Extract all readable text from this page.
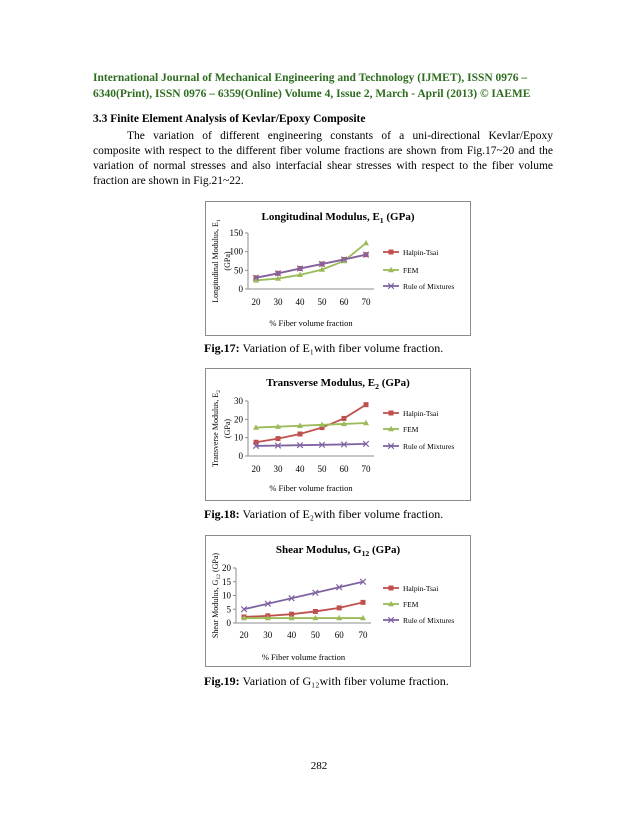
International Journal of Mechanical Engineering and Technology (IJMET), ISSN 0976 –
6340(Print), ISSN 0976 – 6359(Online) Volume 4, Issue 2, March - April (2013) © IAEME
3.3 Finite Element Analysis of Kevlar/Epoxy Composite
The variation of different engineering constants of a uni-directional Kevlar/Epoxy composite with respect to the different fiber volume fractions are shown from Fig.17~20 and the variation of normal stresses and also interfacial shear stresses with respect to the fiber volume fraction are shown in Fig.21~22.
Longitudinal Modulus, $E_1$ (GPa)
Longitudinal Modulus, $E_1$
(GPa)
0
50
100
150
20 30 40 50 60 70
% Fiber volume fraction
Halpin-Tsai
FEM
Rule of Mixtures
Fig.17: Variation of E₁with fiber volume fraction.
Transverse Modulus, $E_2$ (GPa)
Transverse Modulus, $E_2$
(GPa)
0
10
20
30
20 30 40 50 60 70
% Fiber volume fraction
Halpin-Tsai
FEM
Rule of Mixtures
Fig.18: Variation of E₂with fiber volume fraction.
Shear Modulus, $G_{12}$ (GPa)
Shear Modulus, $G_{12}$ (GPa)
0
5
10
15
20
20 30 40 50 60 70
% Fiber volume fraction
Halpin-Tsai
FEM
Rule of Mixtures
Fig.19: Variation of G₁₂with fiber volume fraction.
282
